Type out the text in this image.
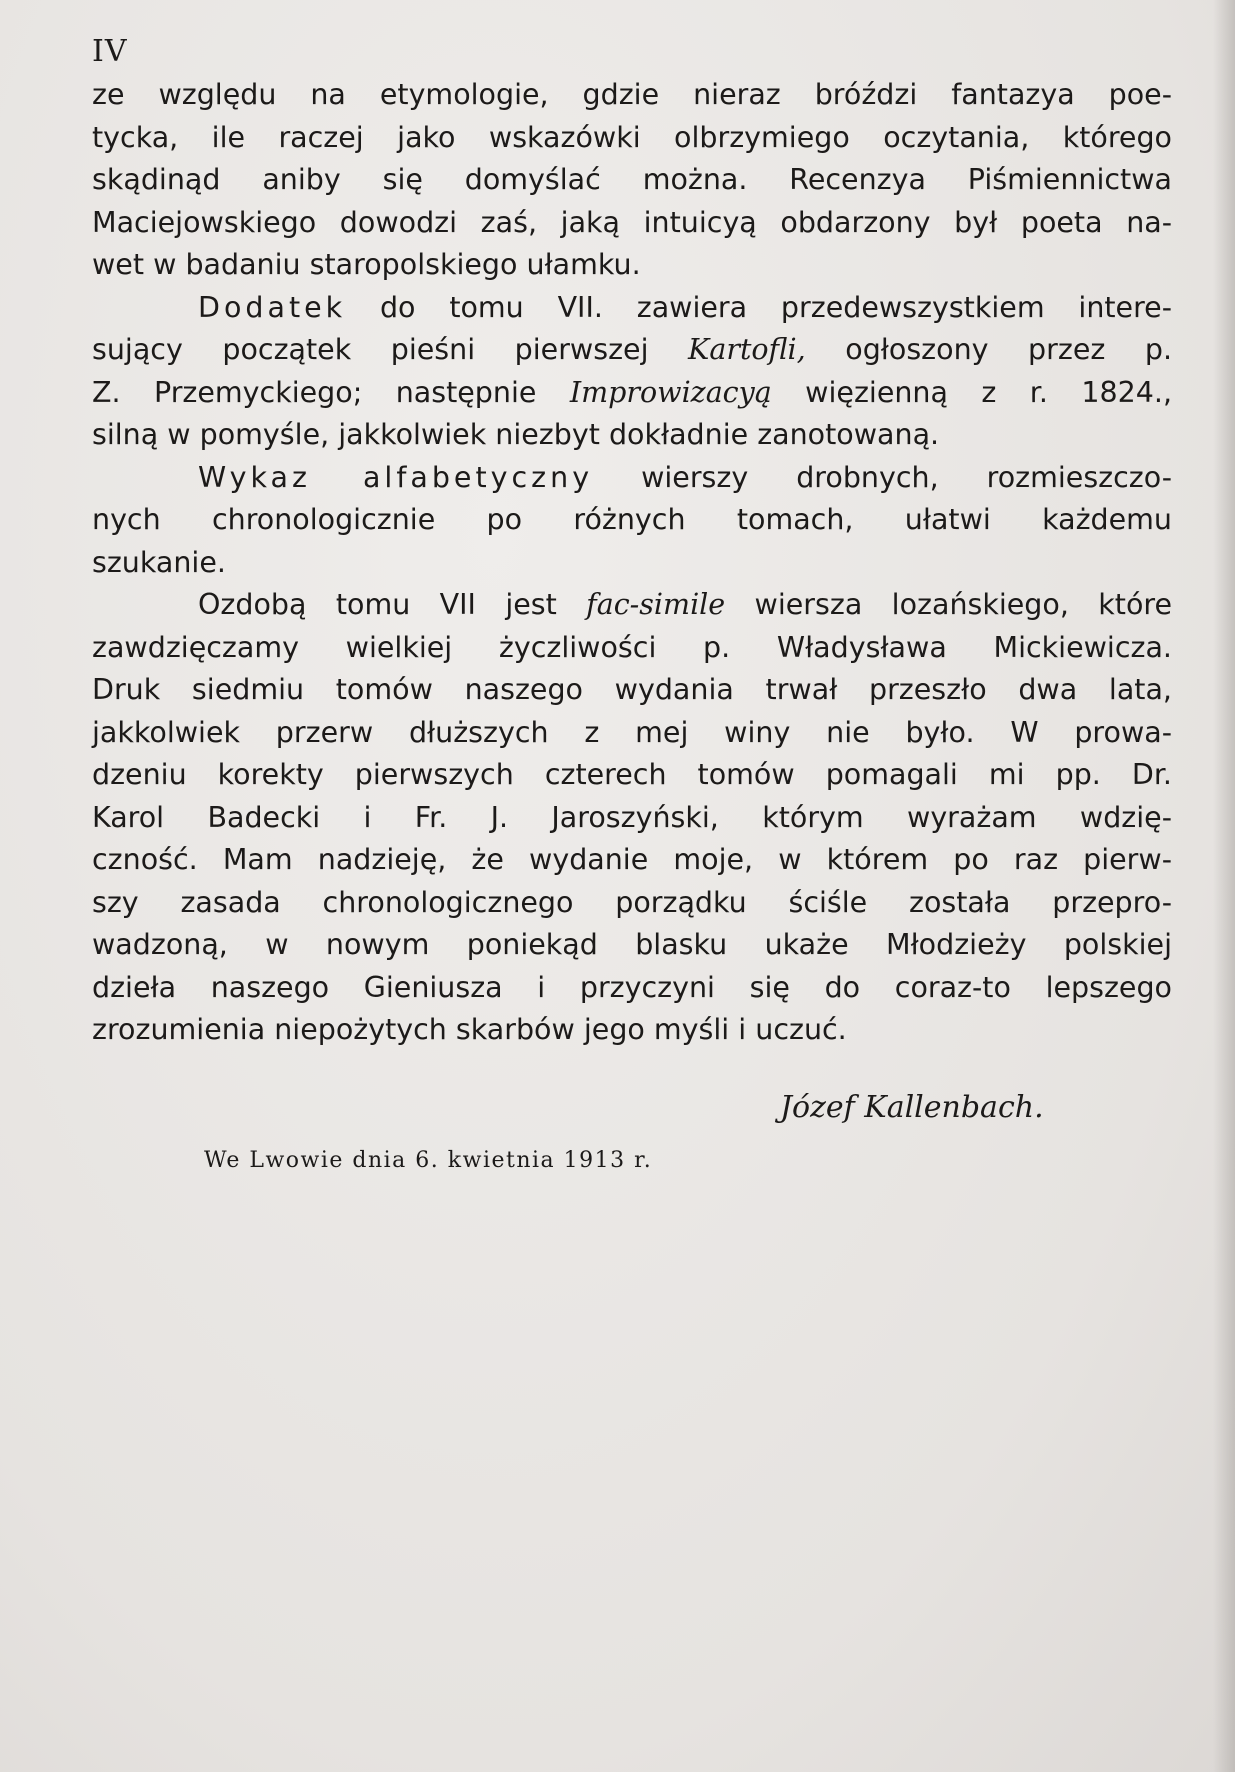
IV
ze względu na etymologie, gdzie nieraz bróździ fantazya poe-
tycka, ile raczej jako wskazówki olbrzymiego oczytania, którego
skądinąd aniby się domyślać można. Recenzya Piśmiennictwa
Maciejowskiego dowodzi zaś, jaką intuicyą obdarzony był poeta na-
wet w badaniu staropolskiego ułamku.
Dodatek do tomu VII. zawiera przedewszystkiem intere-
sujący początek pieśni pierwszej Kartofli, ogłoszony przez p.
Z. Przemyckiego; następnie Improwizacyą więzienną z r. 1824.,
silną w pomyśle, jakkolwiek niezbyt dokładnie zanotowaną.
Wykaz alfabetyczny wierszy drobnych, rozmieszczo-
nych chronologicznie po różnych tomach, ułatwi każdemu
szukanie.
Ozdobą tomu VII jest fac-simile wiersza lozańskiego, które
zawdzięczamy wielkiej życzliwości p. Władysława Mickiewicza.
Druk siedmiu tomów naszego wydania trwał przeszło dwa lata,
jakkolwiek przerw dłuższych z mej winy nie było. W prowa-
dzeniu korekty pierwszych czterech tomów pomagali mi pp. Dr.
Karol Badecki i Fr. J. Jaroszyński, którym wyrażam wdzię-
czność. Mam nadzieję, że wydanie moje, w którem po raz pierw-
szy zasada chronologicznego porządku ściśle została przepro-
wadzoną, w nowym poniekąd blasku ukaże Młodzieży polskiej
dzieła naszego Gieniusza i przyczyni się do coraz-to lepszego
zrozumienia niepożytych skarbów jego myśli i uczuć.
Józef Kallenbach.
We Lwowie dnia 6. kwietnia 1913 r.
